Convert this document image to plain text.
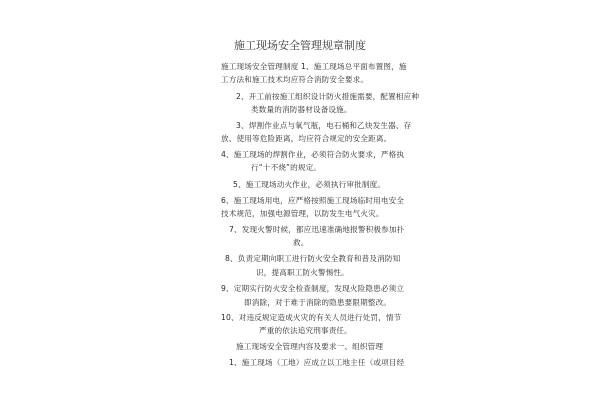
施工现场安全管理规章制度
施工现场安全管理制度 1、施工现场总平面布置图，施
工方法和施工技术均应符合消防安全要求。
2、开工前按施工组织设计防火措施需要，配置相应种
类数量的消防器材设备设施。
3、焊割作业点与氧气瓶，电石桶和乙炔发生器、存
放、使用等危险距离，均应符合规定的安全距离。
4、施工现场的焊割作业，必须符合防火要求，严格执
行“十不烧”的规定。
5、施工现场动火作业，必须执行审批制度。
6、施工现场用电，应严格按照施工现场临时用电安全
技术规范，加强电源管理，以防发生电气火灾。
7、发现火警时候，都应迅速准确地报警积极参加扑
救。
8、负责定期向职工进行防火安全教育和普及消防知
识，提高职工防火警惕性。
9、定期实行防火安全检查制度，发现火险隐患必须立
即消除，对于难于消除的隐患要限期整改。
10、对违反规定造成火灾的有关人员进行处罚，情节
严重的依法追究刑事责任。
施工现场安全管理内容及要求一、组织管理
1、施工现场（工地）应成立以工地主任（或项目经
